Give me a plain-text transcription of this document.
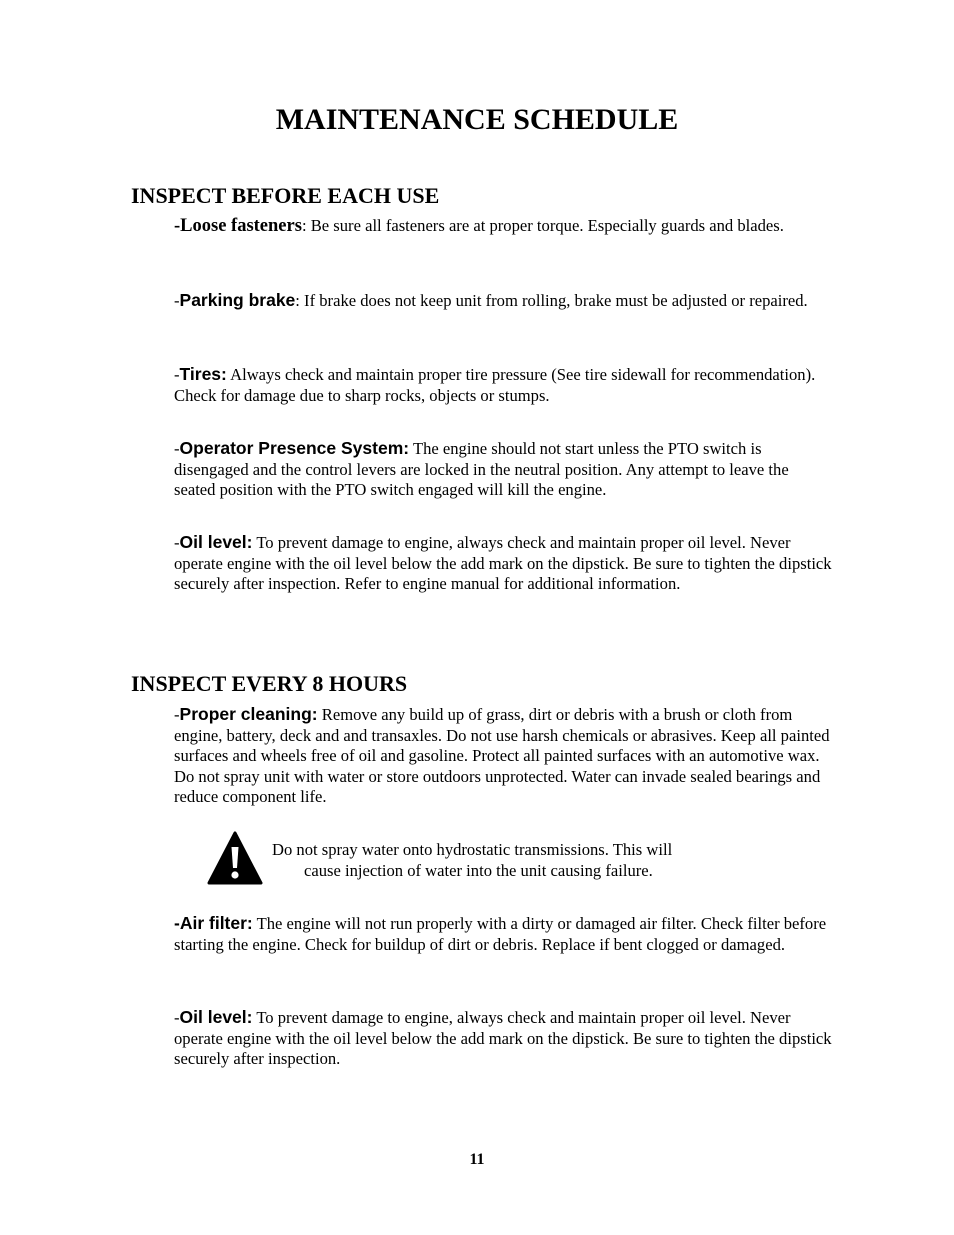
MAINTENANCE SCHEDULE
INSPECT BEFORE EACH USE

-Loose fasteners: Be sure all fasteners are at proper torque. Especially guards and blades.

-Parking brake: If brake does not keep unit from rolling, brake must be adjusted or repaired.

-Tires: Always check and maintain proper tire pressure (See tire sidewall for recommendation). Check for damage due to sharp rocks, objects or stumps.

-Operator Presence System: The engine should not start unless the PTO switch is disengaged and the control levers are locked in the neutral position. Any attempt to leave the seated position with the PTO switch engaged will kill the engine.

-Oil level: To prevent damage to engine, always check and maintain proper oil level. Never operate engine with the oil level below the add mark on the dipstick. Be sure to tighten the dipstick securely after inspection. Refer to engine manual for additional information.

INSPECT EVERY 8 HOURS

-Proper cleaning: Remove any build up of grass, dirt or debris with a brush or cloth from engine, battery, deck and and transaxles. Do not use harsh chemicals or abrasives. Keep all painted surfaces and wheels free of oil and gasoline. Protect all painted surfaces with an automotive wax. Do not spray unit with water or store outdoors unprotected. Water can invade sealed bearings and reduce component life.

Do not spray water onto hydrostatic transmissions. This will
cause injection of water into the unit causing failure.

-Air filter: The engine will not run properly with a dirty or damaged air filter. Check filter before starting the engine. Check for buildup of dirt or debris. Replace if bent clogged or damaged.

-Oil level: To prevent damage to engine, always check and maintain proper oil level. Never operate engine with the oil level below the add mark on the dipstick. Be sure to tighten the dipstick securely after inspection.

11
